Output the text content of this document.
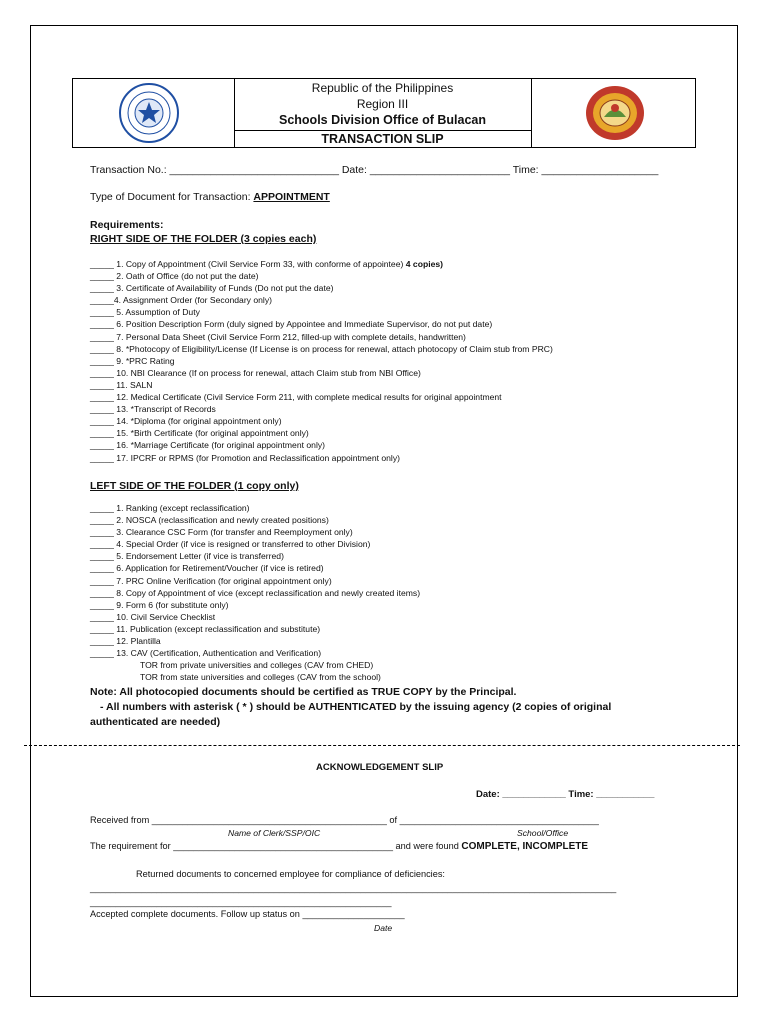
Republic of the Philippines
Region III
Schools Division Office of Bulacan
TRANSACTION SLIP
Transaction No.: _____________________________ Date: ________________________ Time: ____________________
Type of Document for Transaction: APPOINTMENT
Requirements:
RIGHT SIDE OF THE FOLDER (3 copies each)
_____ 1. Copy of Appointment (Civil Service Form 33, with conforme of appointee) 4 copies)
_____ 2. Oath of Office (do not put the date)
_____ 3. Certificate of Availability of Funds (Do not put the date)
_____4. Assignment Order (for Secondary only)
_____ 5. Assumption of Duty
_____ 6. Position Description Form (duly signed by Appointee and Immediate Supervisor, do not put date)
_____ 7. Personal Data Sheet (Civil Service Form 212, filled-up with complete details, handwritten)
_____ 8. *Photocopy of Eligibility/License (If License is on process for renewal, attach photocopy of Claim stub from PRC)
_____ 9. *PRC Rating
_____ 10. NBI Clearance (If on process for renewal, attach Claim stub from NBI Office)
_____ 11. SALN
_____ 12. Medical Certificate (Civil Service Form 211, with complete medical results for original appointment
_____ 13. *Transcript of Records
_____ 14. *Diploma (for original appointment only)
_____ 15. *Birth Certificate (for original appointment only)
_____ 16. *Marriage Certificate (for original appointment only)
_____ 17. IPCRF or RPMS (for Promotion and Reclassification appointment only)
LEFT SIDE OF THE FOLDER (1 copy only)
_____ 1. Ranking (except reclassification)
_____ 2. NOSCA (reclassification and newly created positions)
_____ 3. Clearance CSC Form (for transfer and Reemployment only)
_____ 4. Special Order (if vice is resigned or transferred to other Division)
_____ 5. Endorsement Letter (if vice is transferred)
_____ 6. Application for Retirement/Voucher (if vice is retired)
_____ 7. PRC Online Verification (for original appointment only)
_____ 8. Copy of Appointment of vice (except reclassification and newly created items)
_____ 9. Form 6 (for substitute only)
_____ 10. Civil Service Checklist
_____ 11. Publication (except reclassification and substitute)
_____ 12. Plantilla
_____ 13. CAV (Certification, Authentication and Verification)
TOR from private universities and colleges (CAV from CHED)
TOR from state universities and colleges (CAV from the school)
Note: All photocopied documents should be certified as TRUE COPY by the Principal.
- All numbers with asterisk ( * ) should be AUTHENTICATED by the issuing agency (2 copies of original
authenticated are needed)
ACKNOWLEDGEMENT SLIP
Date: ____________ Time: ___________
Received from ______________________________________________ of _______________________________________
Name of Clerk/SSP/OIC	School/Office
The requirement for ___________________________________________ and were found COMPLETE, INCOMPLETE
Returned documents to concerned employee for compliance of deficiencies:
_______________________________________________________________________________________________________
___________________________________________________________
Accepted complete documents. Follow up status on ____________________
Date
